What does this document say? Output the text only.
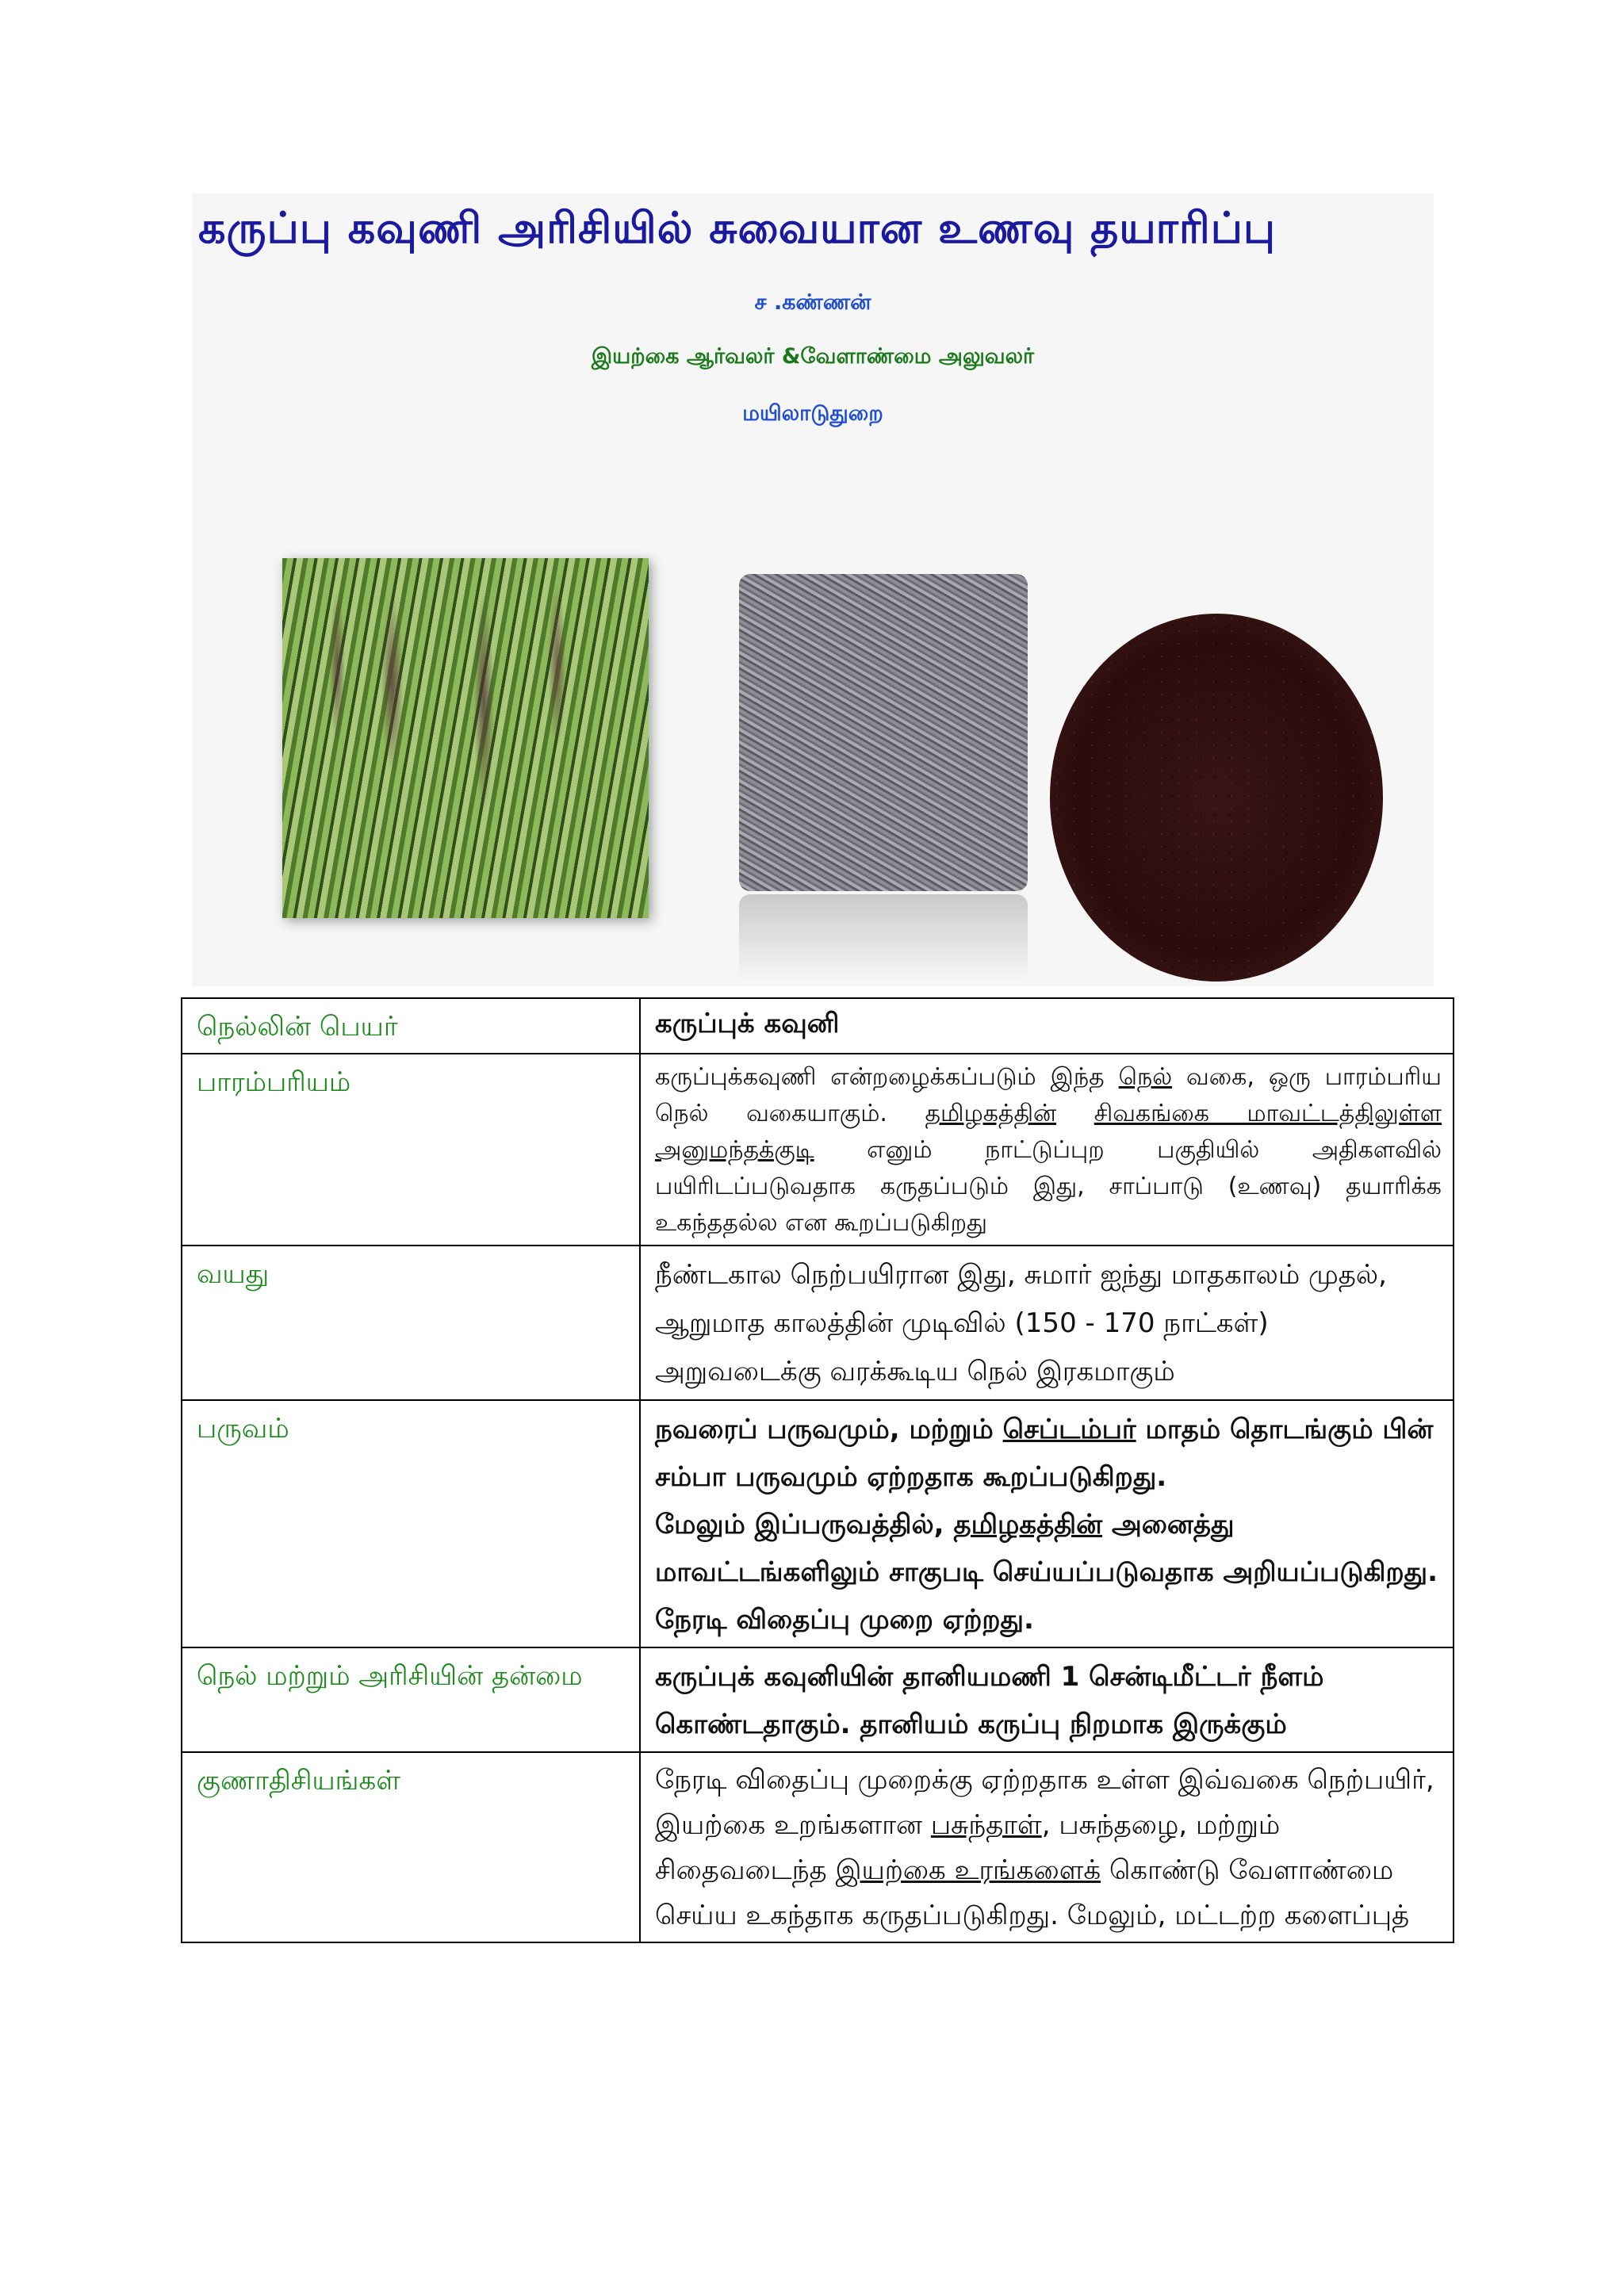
கருப்பு கவுணி அரிசியில் சுவையான உணவு தயாரிப்பு
ச .கண்ணன்
இயற்கை ஆர்வலர் &வேளாண்மை அலுவலர்
மயிலாடுதுறை
நெல்லின் பெயர்	கருப்புக் கவுனி
பாரம்பரியம்	கருப்புக்கவுணி என்றழைக்கப்படும் இந்த நெல் வகை, ஒரு பாரம்பரிய நெல் வகையாகும். தமிழகத்தின் சிவகங்கை மாவட்டத்திலுள்ள அனுமந்தக்குடி எனும் நாட்டுப்புற பகுதியில் அதிகளவில் பயிரிடப்படுவதாக கருதப்படும் இது, சாப்பாடு (உணவு) தயாரிக்க உகந்ததல்ல என கூறப்படுகிறது
வயது	நீண்டகால நெற்பயிரான இது, சுமார் ஐந்து மாதகாலம் முதல், ஆறுமாத காலத்தின் முடிவில் (150 - 170 நாட்கள்) அறுவடைக்கு வரக்கூடிய நெல் இரகமாகும்
பருவம்	நவரைப் பருவமும், மற்றும் செப்டம்பர் மாதம் தொடங்கும் பின் சம்பா பருவமும் ஏற்றதாக கூறப்படுகிறது.
மேலும் இப்பருவத்தில், தமிழகத்தின் அனைத்து மாவட்டங்களிலும் சாகுபடி செய்யப்படுவதாக அறியப்படுகிறது. நேரடி விதைப்பு முறை ஏற்றது.
நெல் மற்றும் அரிசியின் தன்மை	கருப்புக் கவுனியின் தானியமணி 1 சென்டிமீட்டர் நீளம் கொண்டதாகும். தானியம் கருப்பு நிறமாக இருக்கும்
குணாதிசியங்கள்	நேரடி விதைப்பு முறைக்கு ஏற்றதாக உள்ள இவ்வகை நெற்பயிர், இயற்கை உறங்களான பசுந்தாள், பசுந்தழை, மற்றும் சிதைவடைந்த இயற்கை உரங்களைக் கொண்டு வேளாண்மை செய்ய உகந்தாக கருதப்படுகிறது. மேலும், மட்டற்ற களைப்புத்
